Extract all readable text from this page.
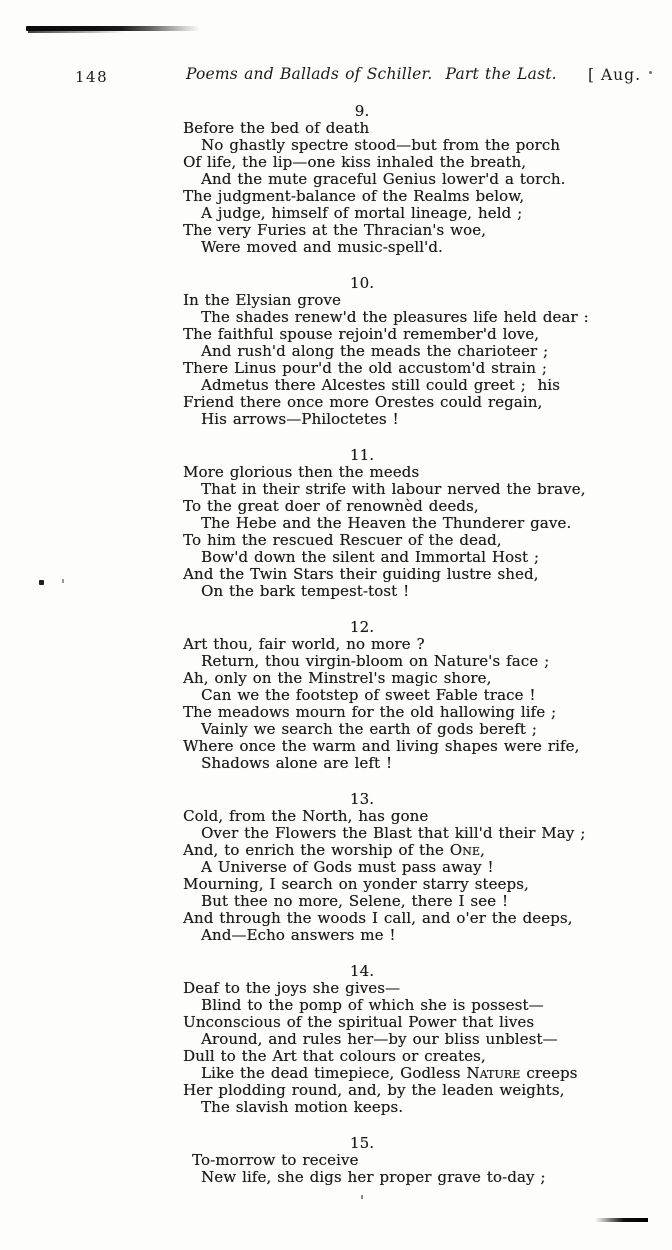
148	Poems and Ballads of Schiller. Part the Last. [ Aug.
9.
Before the bed of death
No ghastly spectre stood—but from the porch
Of life, the lip—one kiss inhaled the breath,
And the mute graceful Genius lower'd a torch.
The judgment-balance of the Realms below,
A judge, himself of mortal lineage, held ;
The very Furies at the Thracian's woe,
Were moved and music-spell'd.
10.
In the Elysian grove
The shades renew'd the pleasures life held dear :
The faithful spouse rejoin'd remember'd love,
And rush'd along the meads the charioteer ;
There Linus pour'd the old accustom'd strain ;
Admetus there Alcestes still could greet ;  his
Friend there once more Orestes could regain,
His arrows—Philoctetes !
11.
More glorious then the meeds
That in their strife with labour nerved the brave,
To the great doer of renownèd deeds,
The Hebe and the Heaven the Thunderer gave.
To him the rescued Rescuer of the dead,
Bow'd down the silent and Immortal Host ;
And the Twin Stars their guiding lustre shed,
On the bark tempest-tost !
12.
Art thou, fair world, no more ?
Return, thou virgin-bloom on Nature's face ;
Ah, only on the Minstrel's magic shore,
Can we the footstep of sweet Fable trace !
The meadows mourn for the old hallowing life ;
Vainly we search the earth of gods bereft ;
Where once the warm and living shapes were rife,
Shadows alone are left !
13.
Cold, from the North, has gone
Over the Flowers the Blast that kill'd their May ;
And, to enrich the worship of the One,
A Universe of Gods must pass away !
Mourning, I search on yonder starry steeps,
But thee no more, Selene, there I see !
And through the woods I call, and o'er the deeps,
And—Echo answers me !
14.
Deaf to the joys she gives—
Blind to the pomp of which she is possest—
Unconscious of the spiritual Power that lives
Around, and rules her—by our bliss unblest—
Dull to the Art that colours or creates,
Like the dead timepiece, Godless Nature creeps
Her plodding round, and, by the leaden weights,
The slavish motion keeps.
15.
To-morrow to receive
New life, she digs her proper grave to-day ;
